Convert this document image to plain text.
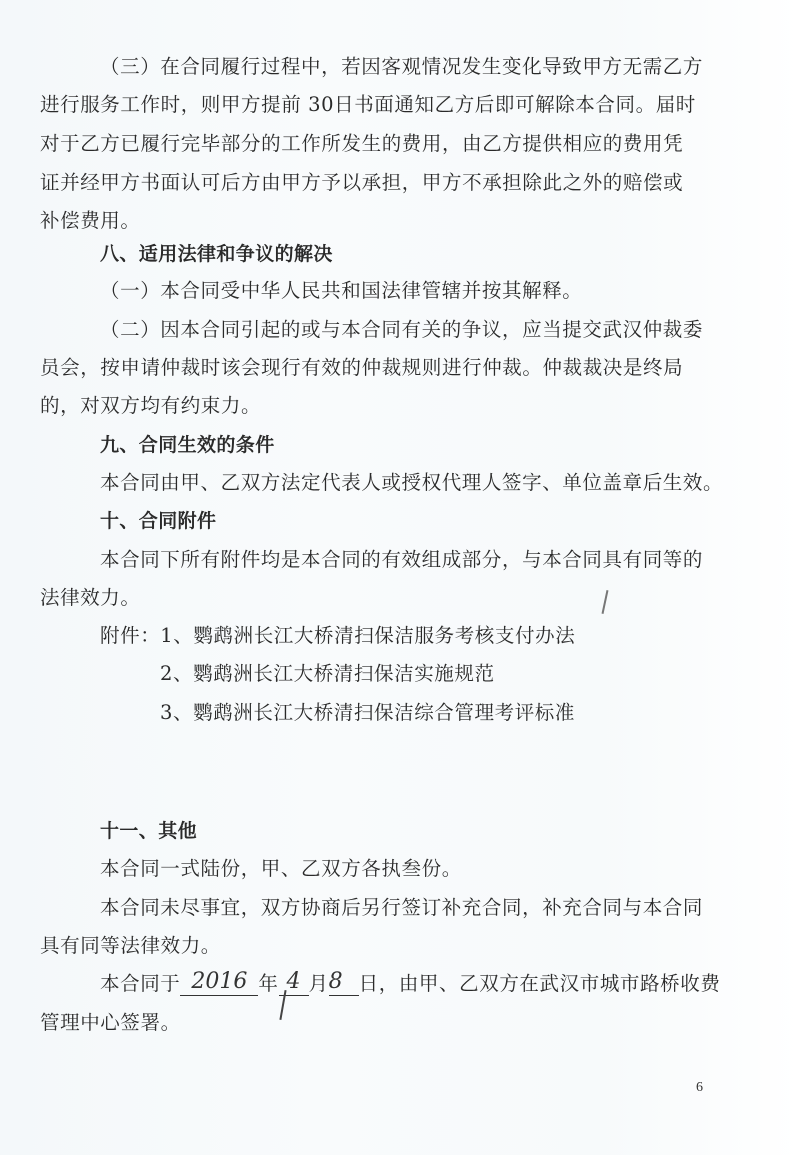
（三）在合同履行过程中，若因客观情况发生变化导致甲方无需乙方
进行服务工作时，则甲方提前 30日书面通知乙方后即可解除本合同。届时
对于乙方已履行完毕部分的工作所发生的费用，由乙方提供相应的费用凭
证并经甲方书面认可后方由甲方予以承担，甲方不承担除此之外的赔偿或
补偿费用。
八、适用法律和争议的解决
（一）本合同受中华人民共和国法律管辖并按其解释。
（二）因本合同引起的或与本合同有关的争议，应当提交武汉仲裁委
员会，按申请仲裁时该会现行有效的仲裁规则进行仲裁。仲裁裁决是终局
的，对双方均有约束力。
九、合同生效的条件
本合同由甲、乙双方法定代表人或授权代理人签字、单位盖章后生效。
十、合同附件
本合同下所有附件均是本合同的有效组成部分，与本合同具有同等的
法律效力。
附件：1、鹦鹉洲长江大桥清扫保洁服务考核支付办法
2、鹦鹉洲长江大桥清扫保洁实施规范
3、鹦鹉洲长江大桥清扫保洁综合管理考评标准
十一、其他
本合同一式陆份，甲、乙双方各执叁份。
本合同未尽事宜，双方协商后另行签订补充合同，补充合同与本合同
具有同等法律效力。
本合同于 2016 年 4 月8 日，由甲、乙双方在武汉市城市路桥收费
管理中心签署。
6
